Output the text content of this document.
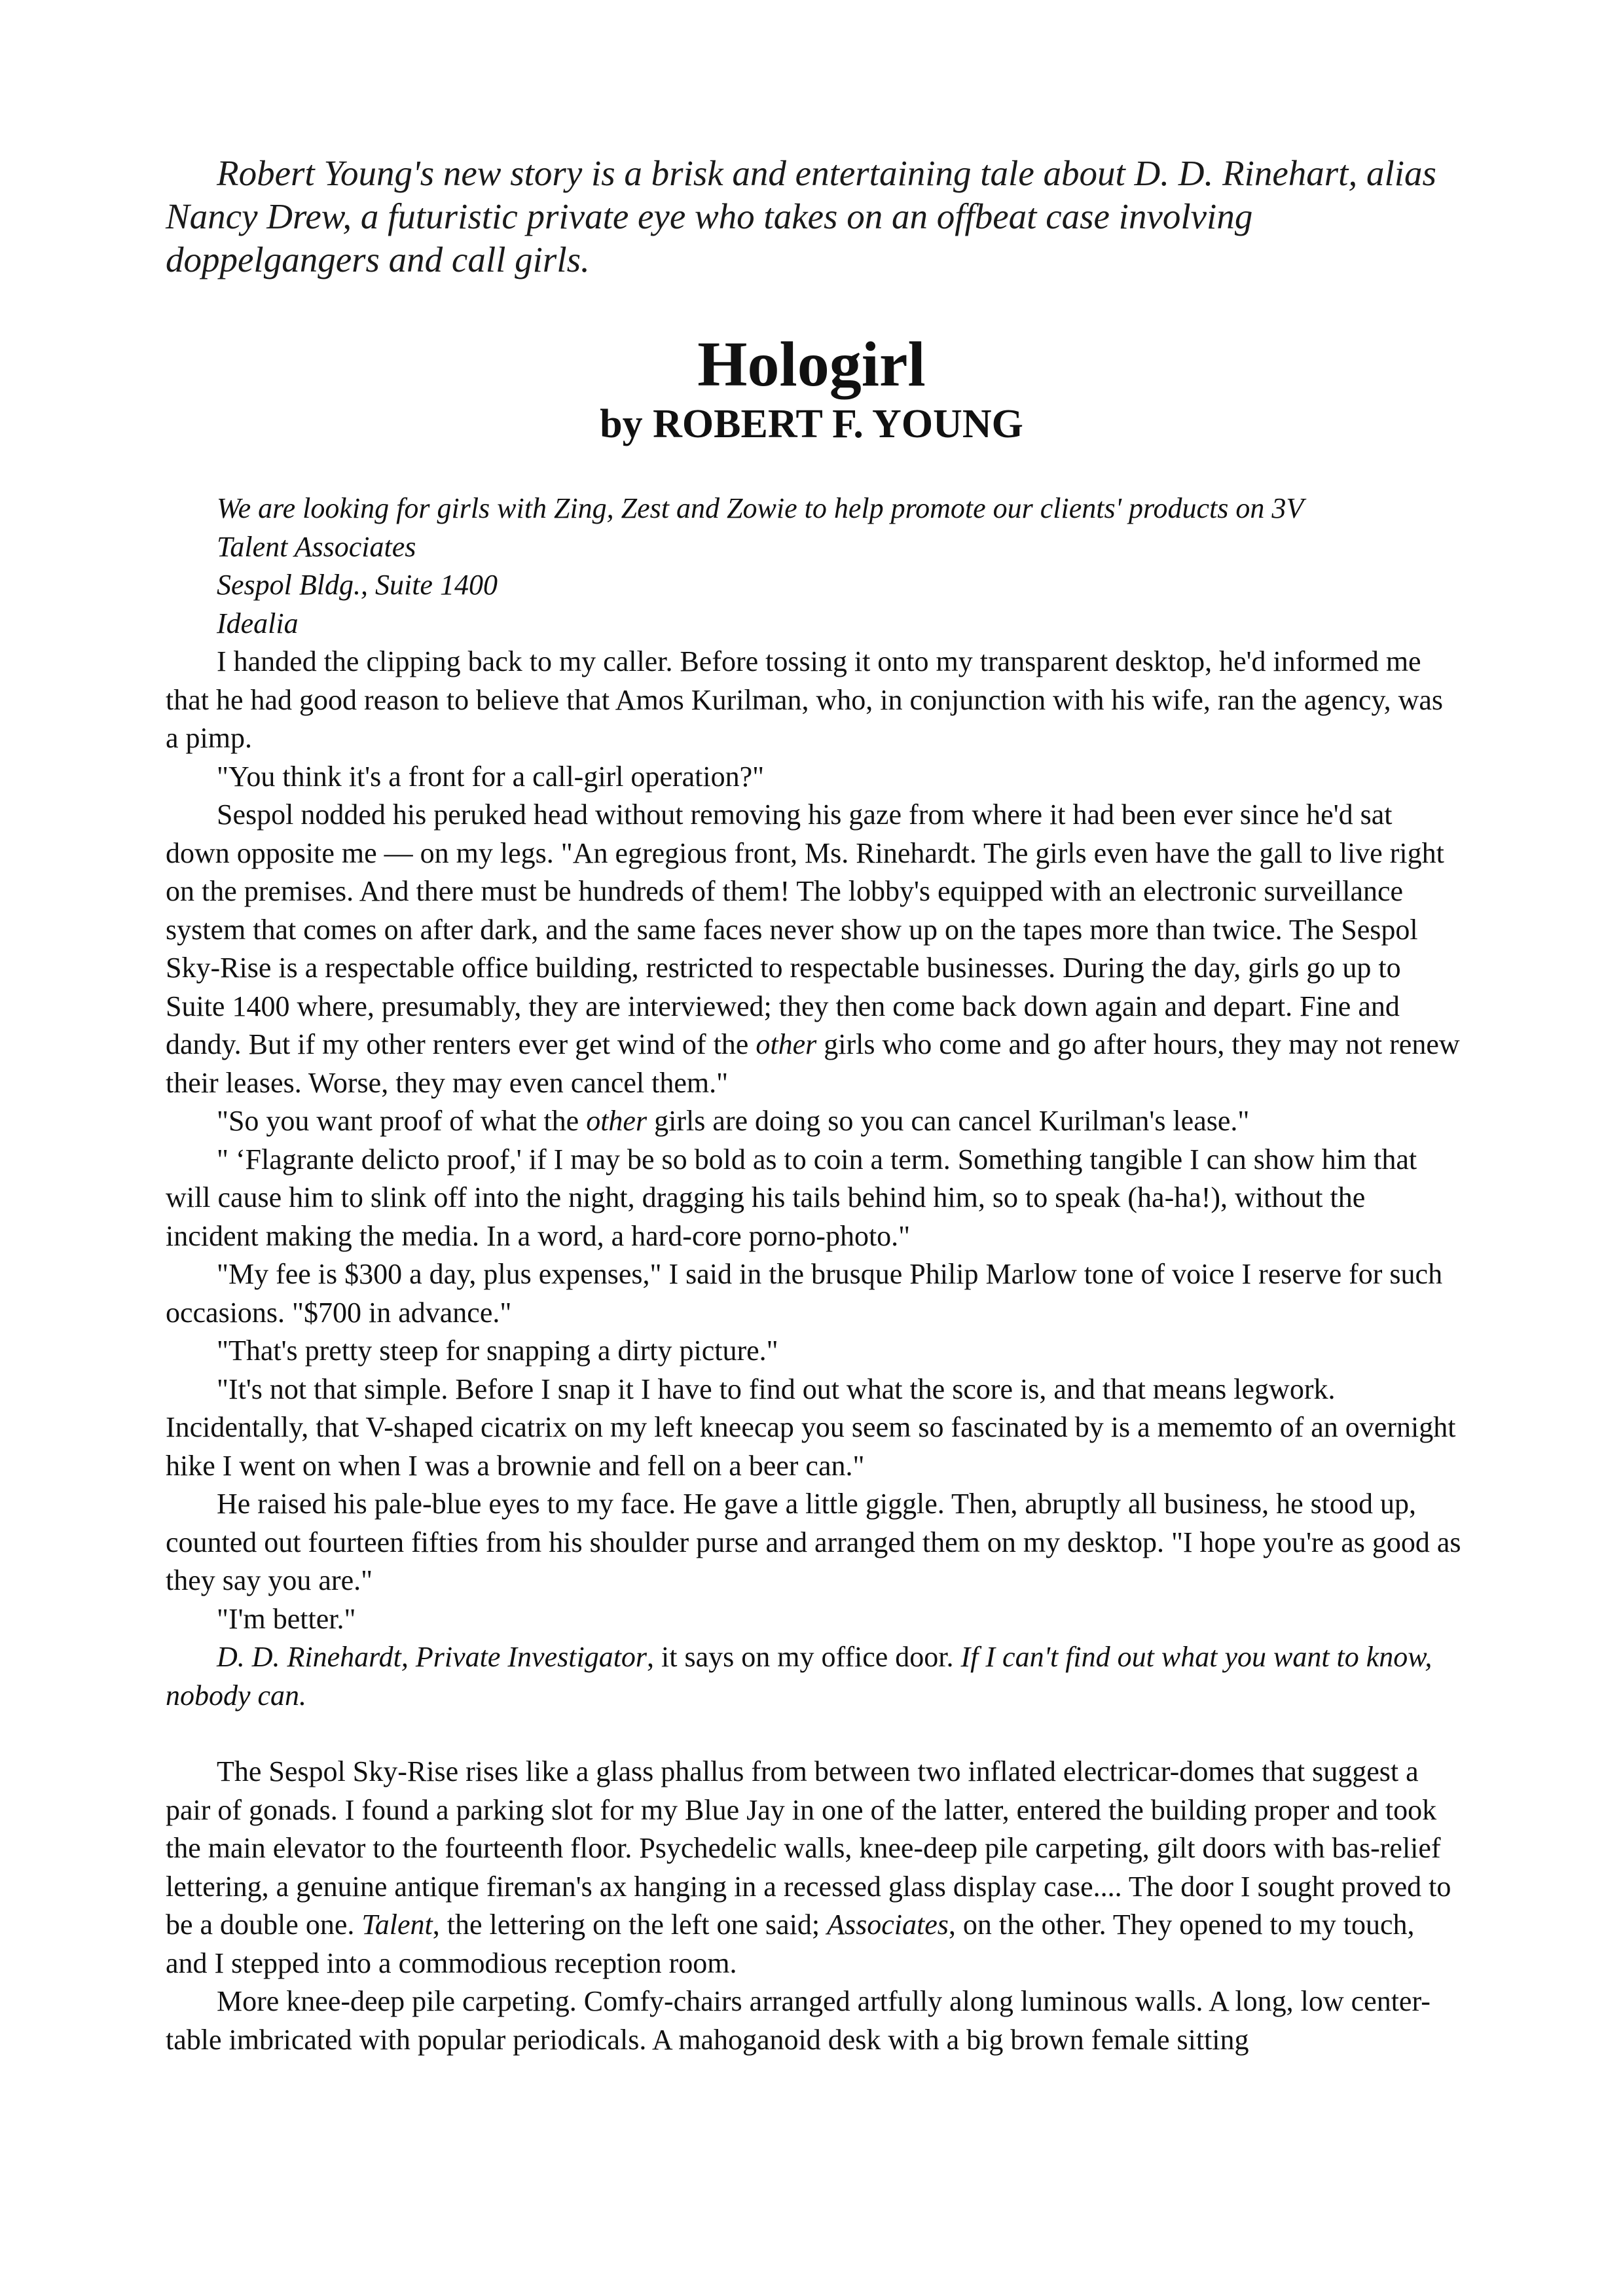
Robert Young's new story is a brisk and entertaining tale about D. D. Rinehart, alias Nancy Drew, a futuristic private eye who takes on an offbeat case involving doppelgangers and call girls.

Hologirl
by ROBERT F. YOUNG

We are looking for girls with Zing, Zest and Zowie to help promote our clients' products on 3V

Talent Associates

Sespol Bldg., Suite 1400

Idealia

I handed the clipping back to my caller. Before tossing it onto my transparent desktop, he'd informed me that he had good reason to believe that Amos Kurilman, who, in conjunction with his wife, ran the agency, was a pimp.

"You think it's a front for a call-girl operation?"

Sespol nodded his peruked head without removing his gaze from where it had been ever since he'd sat down opposite me — on my legs. "An egregious front, Ms. Rinehardt. The girls even have the gall to live right on the premises. And there must be hundreds of them! The lobby's equipped with an electronic surveillance system that comes on after dark, and the same faces never show up on the tapes more than twice. The Sespol Sky-Rise is a respectable office building, restricted to respectable businesses. During the day, girls go up to Suite 1400 where, presumably, they are interviewed; they then come back down again and depart. Fine and dandy. But if my other renters ever get wind of the other girls who come and go after hours, they may not renew their leases. Worse, they may even cancel them."

"So you want proof of what the other girls are doing so you can cancel Kurilman's lease."

" ‘Flagrante delicto proof,' if I may be so bold as to coin a term. Something tangible I can show him that will cause him to slink off into the night, dragging his tails behind him, so to speak (ha-ha!), without the incident making the media. In a word, a hard-core porno-photo."

"My fee is $300 a day, plus expenses," I said in the brusque Philip Marlow tone of voice I reserve for such occasions. "$700 in advance."

"That's pretty steep for snapping a dirty picture."

"It's not that simple. Before I snap it I have to find out what the score is, and that means legwork. Incidentally, that V-shaped cicatrix on my left kneecap you seem so fascinated by is a mememto of an overnight hike I went on when I was a brownie and fell on a beer can."

He raised his pale-blue eyes to my face. He gave a little giggle. Then, abruptly all business, he stood up, counted out fourteen fifties from his shoulder purse and arranged them on my desktop. "I hope you're as good as they say you are."

"I'm better."

D. D. Rinehardt, Private Investigator, it says on my office door. If I can't find out what you want to know, nobody can.

The Sespol Sky-Rise rises like a glass phallus from between two inflated electricar-domes that suggest a pair of gonads. I found a parking slot for my Blue Jay in one of the latter, entered the building proper and took the main elevator to the fourteenth floor. Psychedelic walls, knee-deep pile carpeting, gilt doors with bas-relief lettering, a genuine antique fireman's ax hanging in a recessed glass display case.... The door I sought proved to be a double one. Talent, the lettering on the left one said; Associates, on the other. They opened to my touch, and I stepped into a commodious reception room.

More knee-deep pile carpeting. Comfy-chairs arranged artfully along luminous walls. A long, low center-table imbricated with popular periodicals. A mahoganoid desk with a big brown female sitting
